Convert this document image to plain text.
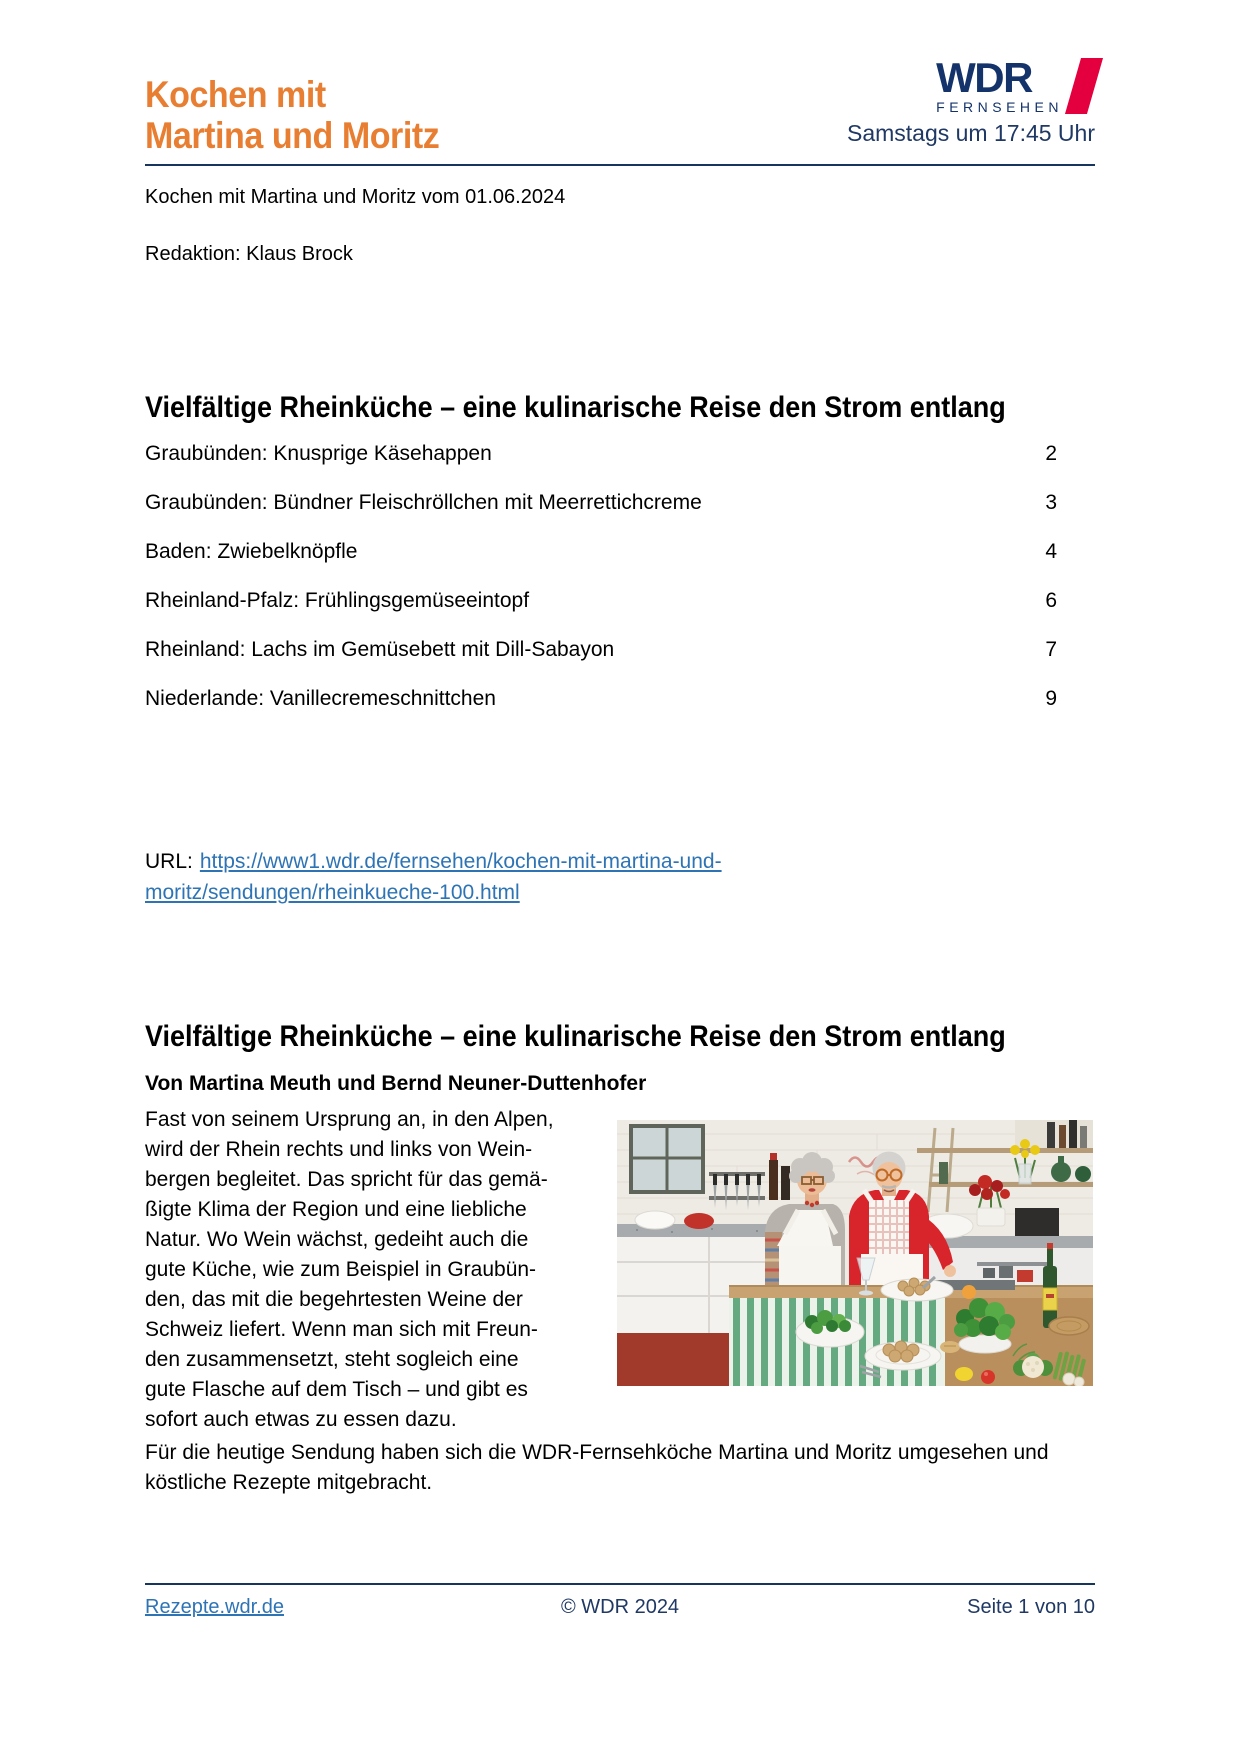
Kochen mit
Martina und Moritz
WDR
FERNSEHEN
Samstags um 17:45 Uhr
Kochen mit Martina und Moritz vom 01.06.2024
Redaktion: Klaus Brock
Vielfältige Rheinküche – eine kulinarische Reise den Strom entlang
Graubünden: Knusprige Käsehappen	2
Graubünden: Bündner Fleischröllchen mit Meerrettichcreme	3
Baden: Zwiebelknöpfle	4
Rheinland-Pfalz: Frühlingsgemüseeintopf	6
Rheinland: Lachs im Gemüsebett mit Dill-Sabayon	7
Niederlande: Vanillecremeschnittchen	9
URL: https://www1.wdr.de/fernsehen/kochen-mit-martina-und-
moritz/sendungen/rheinkueche-100.html
Vielfältige Rheinküche – eine kulinarische Reise den Strom entlang
Von Martina Meuth und Bernd Neuner-Duttenhofer
Fast von seinem Ursprung an, in den Alpen,
wird der Rhein rechts und links von Wein-
bergen begleitet. Das spricht für das gemä-
ßigte Klima der Region und eine liebliche
Natur. Wo Wein wächst, gedeiht auch die
gute Küche, wie zum Beispiel in Graubün-
den, das mit die begehrtesten Weine der
Schweiz liefert. Wenn man sich mit Freun-
den zusammensetzt, steht sogleich eine
gute Flasche auf dem Tisch – und gibt es
sofort auch etwas zu essen dazu.
Für die heutige Sendung haben sich die WDR-Fernsehköche Martina und Moritz umgesehen und köstliche Rezepte mitgebracht.
Rezepte.wdr.de	© WDR 2024	Seite 1 von 10
